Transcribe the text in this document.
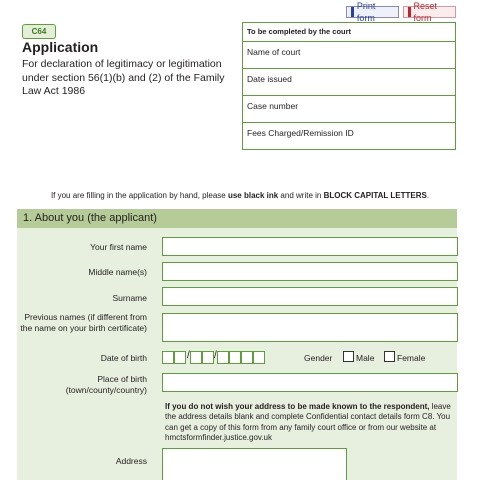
Print form
Reset form
C64
Application
For declaration of legitimacy or legitimation under section 56(1)(b) and (2) of the Family Law Act 1986
To be completed by the court
Name of court
Date issued
Case number
Fees Charged/Remission ID
If you are filling in the application by hand, please use black ink and write in BLOCK CAPITAL LETTERS.
1. About you (the applicant)
Your first name
Middle name(s)
Surname
Previous names (if different from the name on your birth certificate)
Date of birth	/ /	Gender	Male	Female
Place of birth (town/county/country)
If you do not wish your address to be made known to the respondent, leave the address details blank and complete Confidential contact details form C8. You can get a copy of this form from any family court office or from our website at hmctsformfinder.justice.gov.uk
Address
